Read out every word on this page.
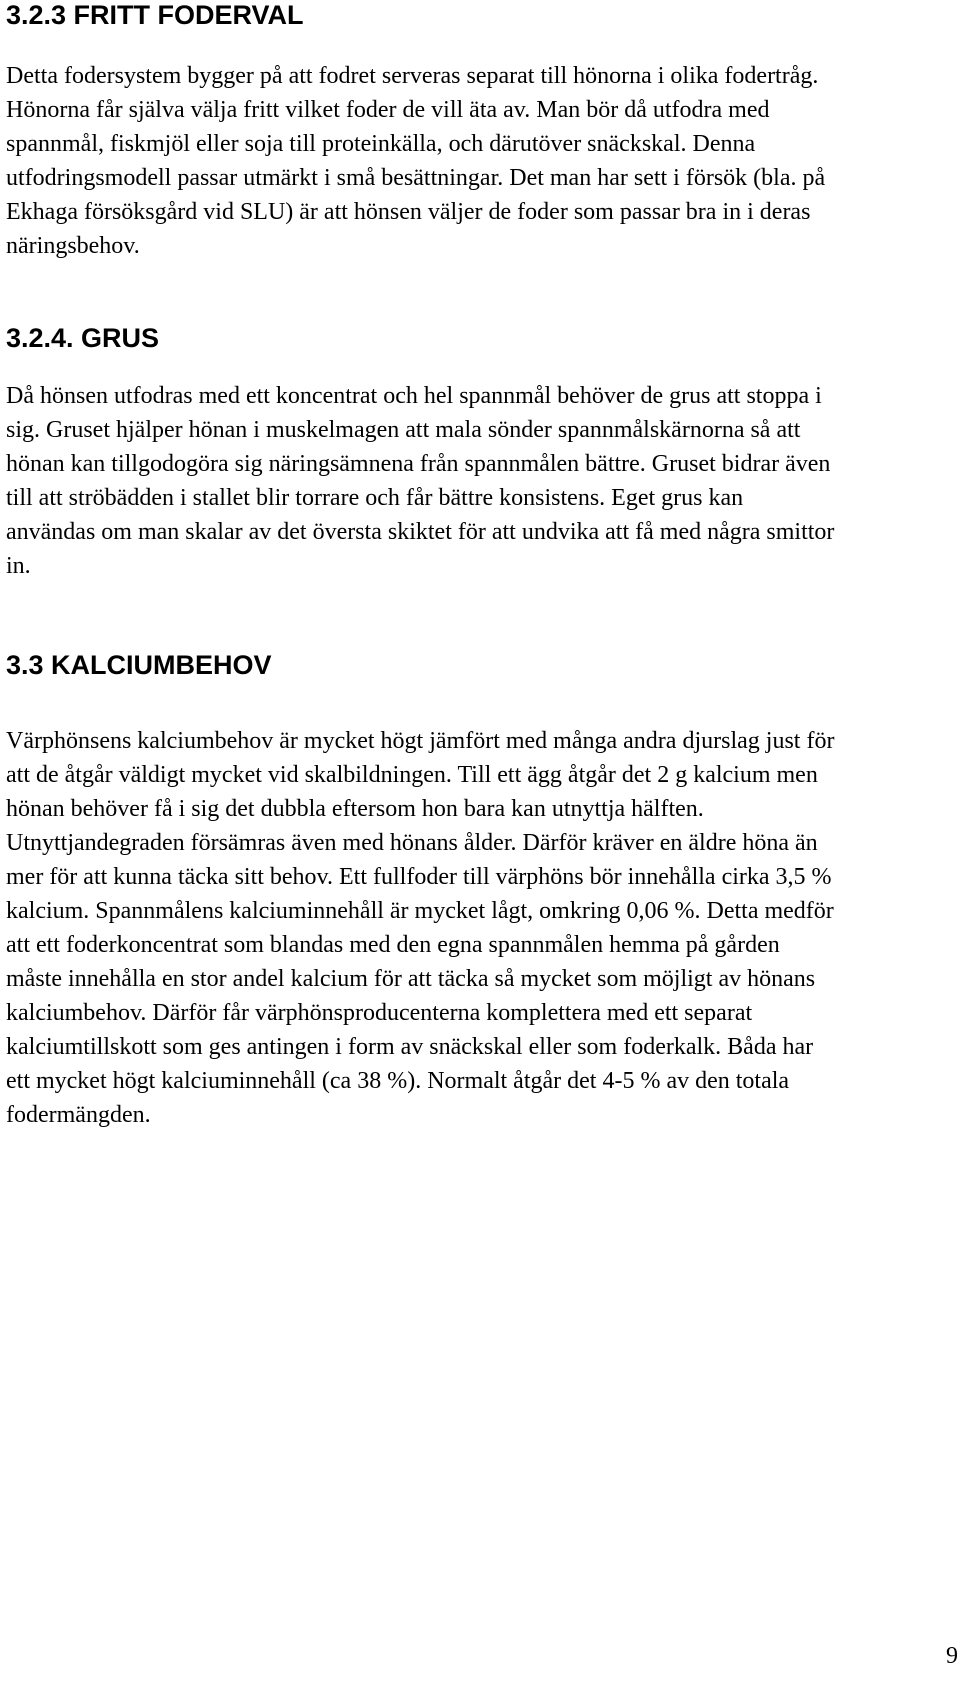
3.2.3 FRITT FODERVAL

Detta fodersystem bygger på att fodret serveras separat till hönorna i olika fodertråg.
Hönorna får själva välja fritt vilket foder de vill äta av. Man bör då utfodra med
spannmål, fiskmjöl eller soja till proteinkälla, och därutöver snäckskal. Denna
utfodringsmodell passar utmärkt i små besättningar. Det man har sett i försök (bla. på
Ekhaga försöksgård vid SLU) är att hönsen väljer de foder som passar bra in i deras
näringsbehov.

3.2.4. GRUS

Då hönsen utfodras med ett koncentrat och hel spannmål behöver de grus att stoppa i
sig. Gruset hjälper hönan i muskelmagen att mala sönder spannmålskärnorna så att
hönan kan tillgodogöra sig näringsämnena från spannmålen bättre. Gruset bidrar även
till att ströbädden i stallet blir torrare och får bättre konsistens. Eget grus kan
användas om man skalar av det översta skiktet för att undvika att få med några smittor
in.

3.3 KALCIUMBEHOV

Värphönsens kalciumbehov är mycket högt jämfört med många andra djurslag just för
att de åtgår väldigt mycket vid skalbildningen. Till ett ägg åtgår det 2 g kalcium men
hönan behöver få i sig det dubbla eftersom hon bara kan utnyttja hälften.
Utnyttjandegraden försämras även med hönans ålder. Därför kräver en äldre höna än
mer för att kunna täcka sitt behov. Ett fullfoder till värphöns bör innehålla cirka 3,5 %
kalcium. Spannmålens kalciuminnehåll är mycket lågt, omkring 0,06 %. Detta medför
att ett foderkoncentrat som blandas med den egna spannmålen hemma på gården
måste innehålla en stor andel kalcium för att täcka så mycket som möjligt av hönans
kalciumbehov. Därför får värphönsproducenterna komplettera med ett separat
kalciumtillskott som ges antingen i form av snäckskal eller som foderkalk. Båda har
ett mycket högt kalciuminnehåll (ca 38 %). Normalt åtgår det 4-5 % av den totala
fodermängden.

9
